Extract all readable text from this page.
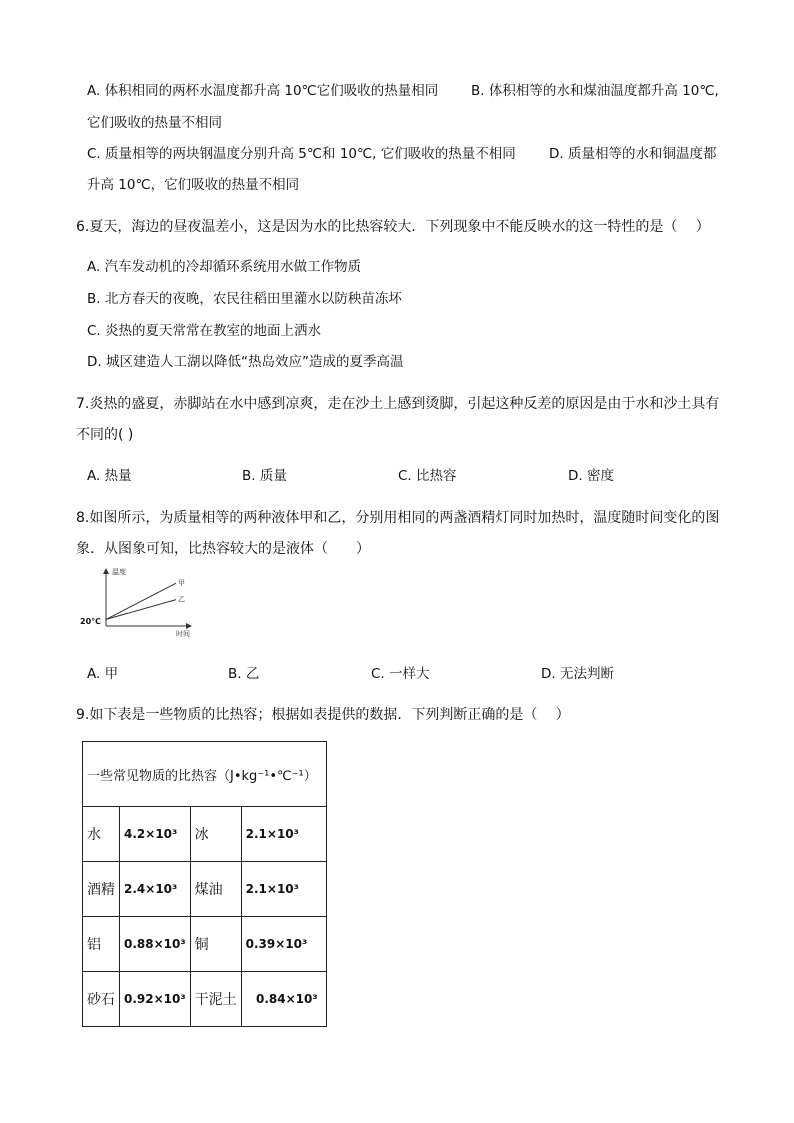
A. 体积相同的两杯水温度都升高 10℃它们吸收的热量相同 B. 体积相等的水和煤油温度都升高 10℃,
它们吸收的热量不相同
C. 质量相等的两块钢温度分别升高 5℃和 10℃, 它们吸收的热量不相同 D. 质量相等的水和铜温度都
升高 10℃，它们吸收的热量不相同
6.夏天，海边的昼夜温差小，这是因为水的比热容较大．下列现象中不能反映水的这一特性的是（　 ）
A. 汽车发动机的冷却循环系统用水做工作物质
B. 北方春天的夜晚，农民往稻田里灌水以防秧苗冻坏
C. 炎热的夏天常常在教室的地面上洒水
D. 城区建造人工湖以降低“热岛效应”造成的夏季高温
7.炎热的盛夏，赤脚站在水中感到凉爽，走在沙土上感到烫脚，引起这种反差的原因是由于水和沙土具有
不同的( )
A. 热量	B. 质量	C. 比热容	D. 密度
8.如图所示，为质量相等的两种液体甲和乙，分别用相同的两盏酒精灯同时加热时，温度随时间变化的图
象．从图象可知，比热容较大的是液体（　　）
温度
时间
20℃
甲
乙
A. 甲	B. 乙	C. 一样大	D. 无法判断
9.如下表是一些物质的比热容；根据如表提供的数据．下列判断正确的是（　 ）
一些常见物质的比热容（J•kg⁻¹•℃⁻¹）			
水	4.2×10³	冰	2.1×10³
酒精	2.4×10³	煤油	2.1×10³
铝	0.88×10³	铜	0.39×10³
砂石	0.92×10³	干泥土	0.84×10³
